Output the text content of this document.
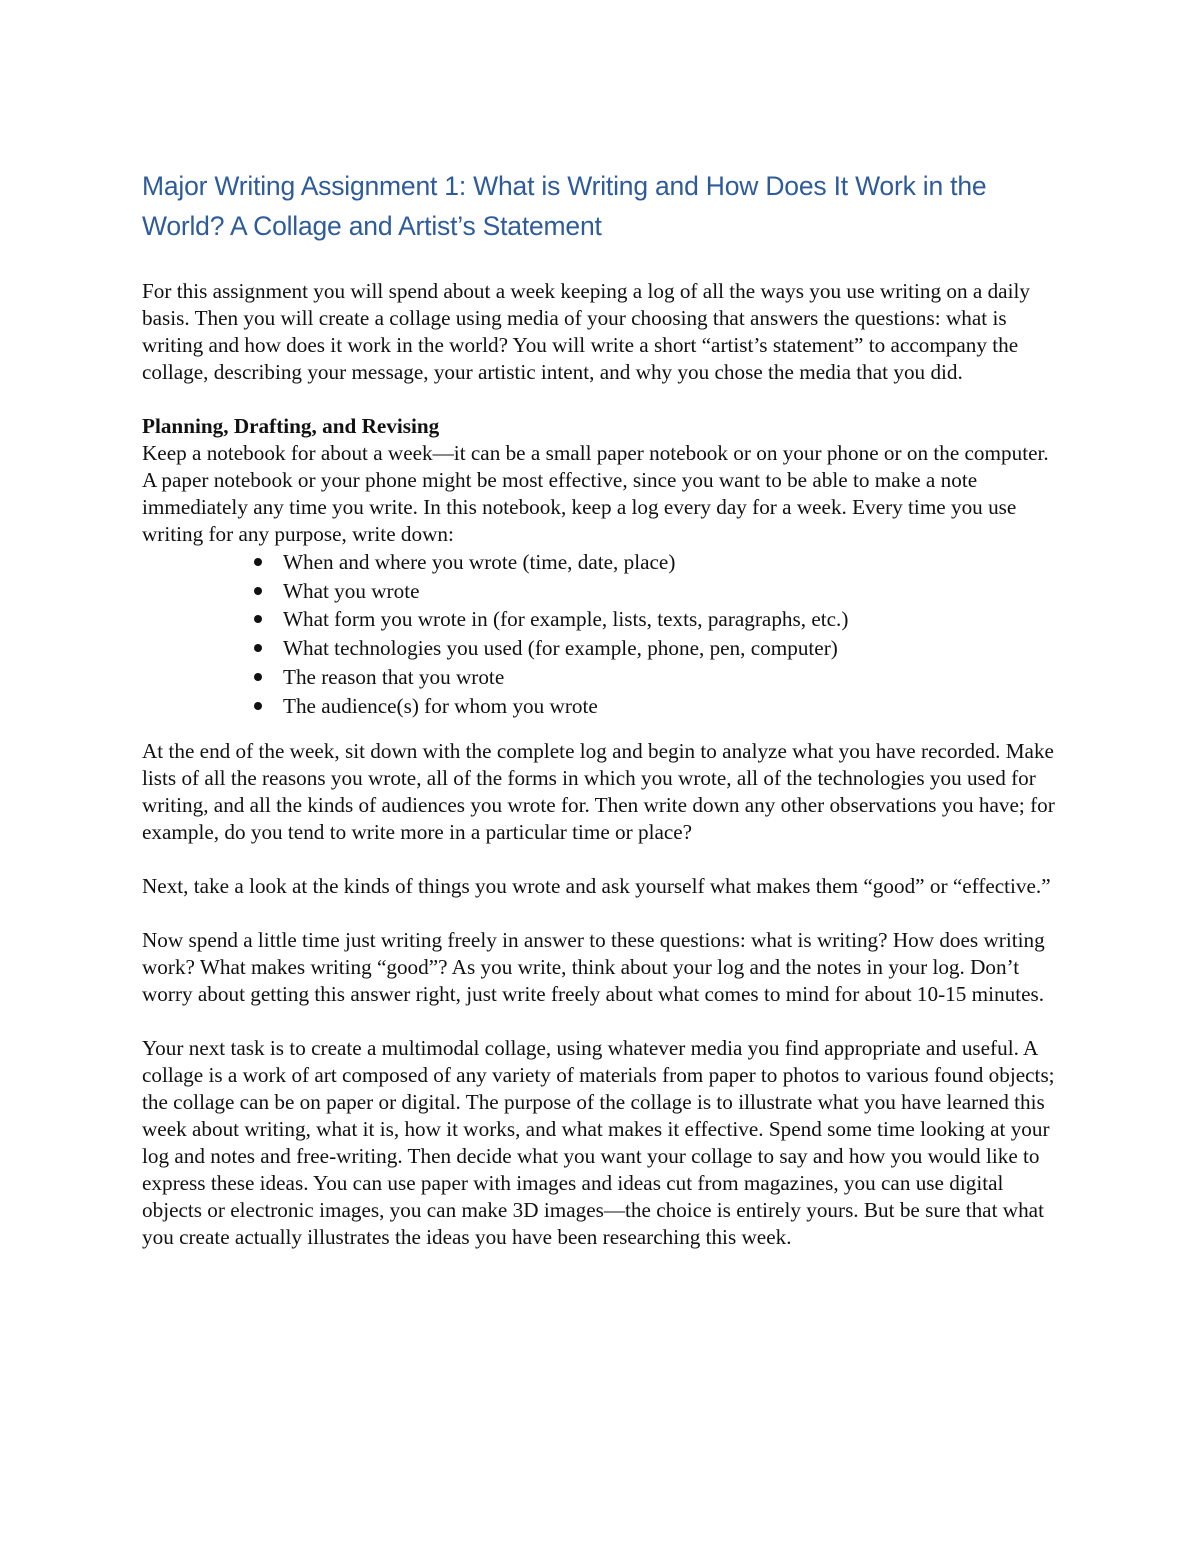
Major Writing Assignment 1: What is Writing and How Does It Work in the World? A Collage and Artist’s Statement

For this assignment you will spend about a week keeping a log of all the ways you use writing on a daily basis. Then you will create a collage using media of your choosing that answers the questions: what is writing and how does it work in the world? You will write a short “artist’s statement” to accompany the collage, describing your message, your artistic intent, and why you chose the media that you did.

Planning, Drafting, and Revising

Keep a notebook for about a week—it can be a small paper notebook or on your phone or on the computer. A paper notebook or your phone might be most effective, since you want to be able to make a note immediately any time you write. In this notebook, keep a log every day for a week. Every time you use writing for any purpose, write down:

When and where you wrote (time, date, place)
What you wrote
What form you wrote in (for example, lists, texts, paragraphs, etc.)
What technologies you used (for example, phone, pen, computer)
The reason that you wrote
The audience(s) for whom you wrote

At the end of the week, sit down with the complete log and begin to analyze what you have recorded. Make lists of all the reasons you wrote, all of the forms in which you wrote, all of the technologies you used for writing, and all the kinds of audiences you wrote for. Then write down any other observations you have; for example, do you tend to write more in a particular time or place?

Next, take a look at the kinds of things you wrote and ask yourself what makes them “good” or “effective.”

Now spend a little time just writing freely in answer to these questions: what is writing? How does writing work? What makes writing “good”? As you write, think about your log and the notes in your log. Don’t worry about getting this answer right, just write freely about what comes to mind for about 10-15 minutes.

Your next task is to create a multimodal collage, using whatever media you find appropriate and useful. A collage is a work of art composed of any variety of materials from paper to photos to various found objects; the collage can be on paper or digital. The purpose of the collage is to illustrate what you have learned this week about writing, what it is, how it works, and what makes it effective. Spend some time looking at your log and notes and free-writing. Then decide what you want your collage to say and how you would like to express these ideas. You can use paper with images and ideas cut from magazines, you can use digital objects or electronic images, you can make 3D images—the choice is entirely yours. But be sure that what you create actually illustrates the ideas you have been researching this week.
